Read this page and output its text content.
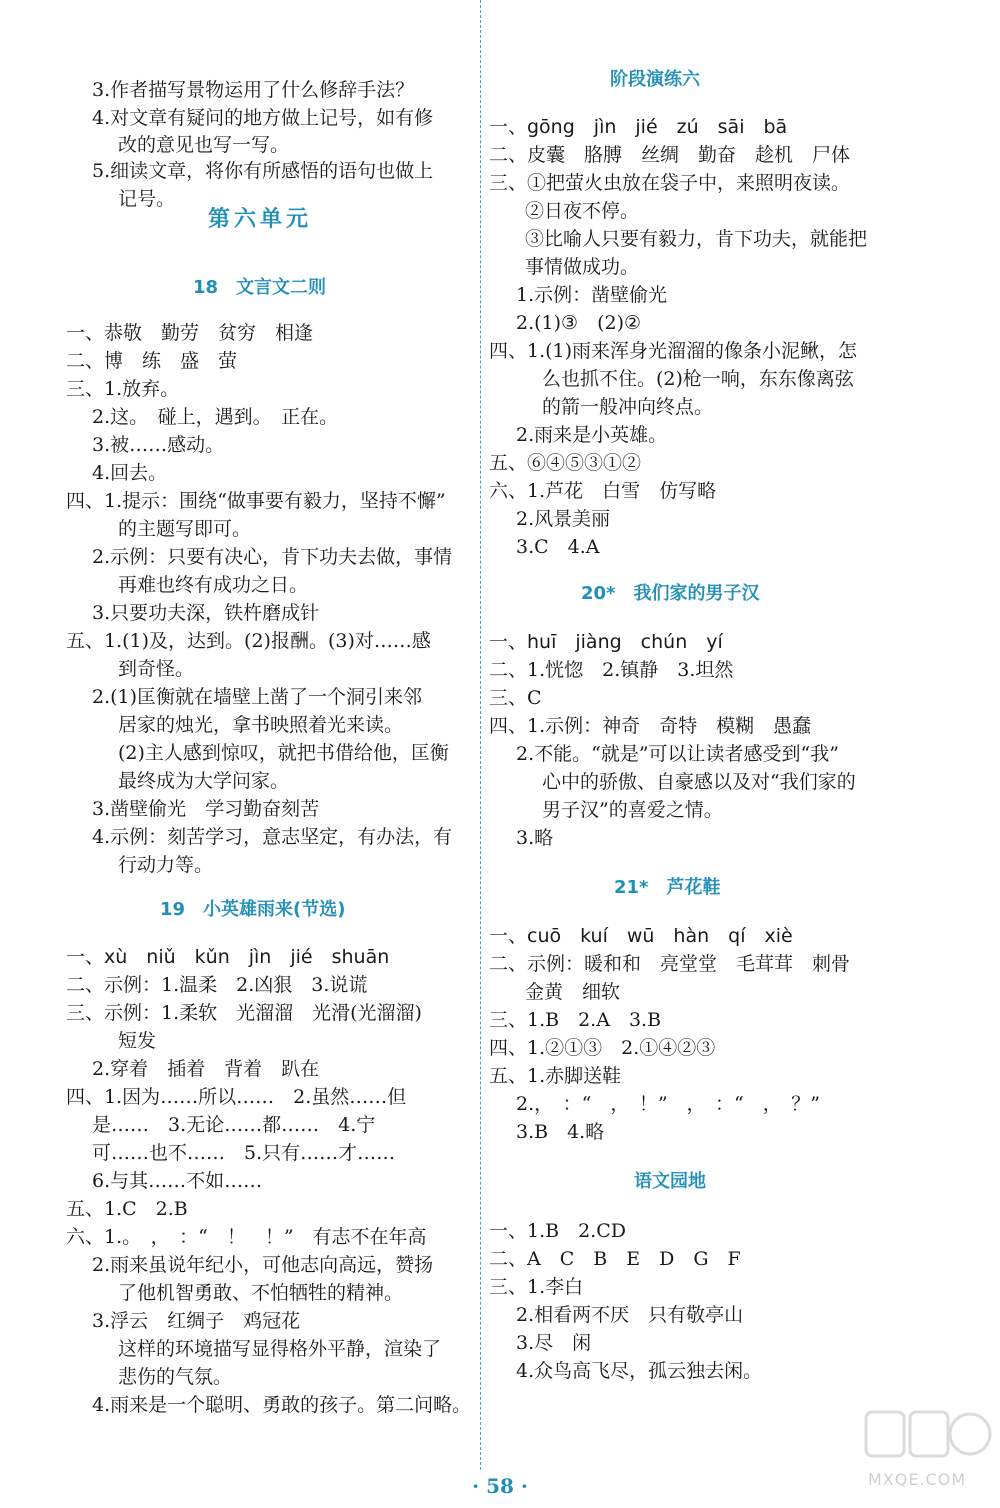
3.作者描写景物运用了什么修辞手法？
4.对文章有疑问的地方做上记号，如有修
改的意见也写一写。
5.细读文章，将你有所感悟的语句也做上
记号。
第六单元
18　文言文二则
一、恭敬　勤劳　贫穷　相逢
二、博　练　盛　萤
三、1.放弃。
2.这。　碰上，遇到。　正在。
3.被……感动。
4.回去。
四、1.提示：围绕“做事要有毅力，坚持不懈”
的主题写即可。
2.示例：只要有决心，肯下功夫去做，事情
再难也终有成功之日。
3.只要功夫深，铁杵磨成针
五、1.(1)及，达到。(2)报酬。(3)对……感
到奇怪。
2.(1)匡衡就在墙壁上凿了一个洞引来邻
居家的烛光，拿书映照着光来读。
(2)主人感到惊叹，就把书借给他，匡衡
最终成为大学问家。
3.凿壁偷光　学习勤奋刻苦
4.示例：刻苦学习，意志坚定，有办法，有
行动力等。
19　小英雄雨来(节选)
一、xù　niǔ　kǔn　jìn　jié　shuān
二、示例：1.温柔　2.凶狠　3.说谎
三、示例：1.柔软　光溜溜　光滑(光溜溜)
短发
2.穿着　插着　背着　趴在
四、1.因为……所以……　2.虽然……但
是……　3.无论……都……　4.宁
可……也不……　5.只有……才……
6.与其……不如……
五、1.C　2.B
六、1.。　，　：“　！　！”　有志不在年高
2.雨来虽说年纪小，可他志向高远，赞扬
了他机智勇敢、不怕牺牲的精神。
3.浮云　红绸子　鸡冠花
这样的环境描写显得格外平静，渲染了
悲伤的气氛。
4.雨来是一个聪明、勇敢的孩子。第二问略。
阶段演练六
一、gōng　jìn　jié　zú　sāi　bā
二、皮囊　胳膊　丝绸　勤奋　趁机　尸体
三、①把萤火虫放在袋子中，来照明夜读。
②日夜不停。
③比喻人只要有毅力，肯下功夫，就能把
事情做成功。
1.示例：凿壁偷光
2.(1)③　(2)②
四、1.(1)雨来浑身光溜溜的像条小泥鳅，怎
么也抓不住。(2)枪一响，东东像离弦
的箭一般冲向终点。
2.雨来是小英雄。
五、⑥④⑤③①②
六、1.芦花　白雪　仿写略
2.风景美丽
3.C　4.A
20*　我们家的男子汉
一、huī　jiàng　chún　yí
二、1.恍惚　2.镇静　3.坦然
三、C
四、1.示例：神奇　奇特　模糊　愚蠢
2.不能。“就是”可以让读者感受到“我”
心中的骄傲、自豪感以及对“我们家的
男子汉”的喜爱之情。
3.略
21*　芦花鞋
一、cuō　kuí　wū　hàn　qí　xiè
二、示例：暖和和　亮堂堂　毛茸茸　刺骨
金黄　细软
三、1.B　2.A　3.B
四、1.②①③　2.①④②③
五、1.赤脚送鞋
2.，　：“　，　！”　，　：“　，　？”
3.B　4.略
语文园地
一、1.B　2.CD
二、A　C　B　E　D　G　F
三、1.李白
2.相看两不厌　只有敬亭山
3.尽　闲
4.众鸟高飞尽，孤云独去闲。
· 58 ·	MXQE.COM
